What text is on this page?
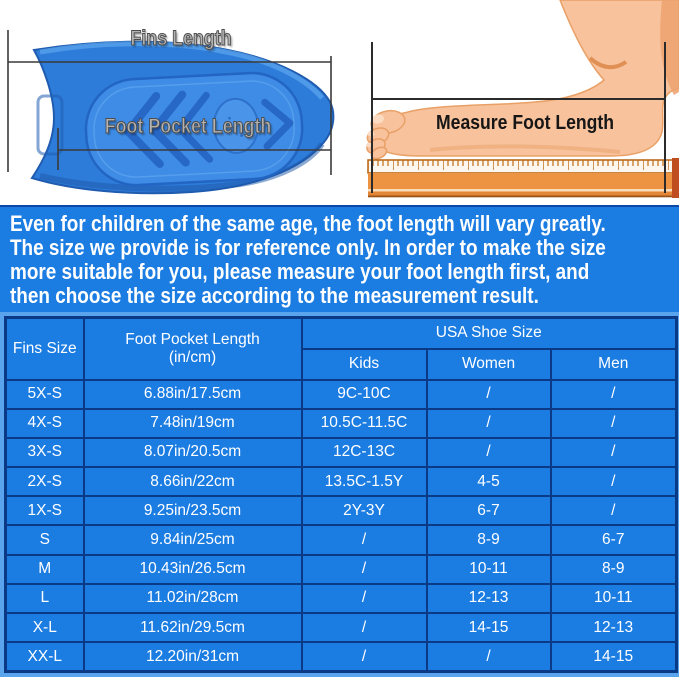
Fins Length
Foot Pocket Length	Measure Foot Length
Even for children of the same age, the foot length will vary greatly.
The size we provide is for reference only. In order to make the size
more suitable for you, please measure your foot length first, and
then choose the size according to the measurement result.
Fins Size	Foot Pocket Length
(in/cm)	USA Shoe Size		
		Kids	Women	Men
5X-S	6.88in/17.5cm	9C-10C	/	/
4X-S	7.48in/19cm	10.5C-11.5C	/	/
3X-S	8.07in/20.5cm	12C-13C	/	/
2X-S	8.66in/22cm	13.5C-1.5Y	4-5	/
1X-S	9.25in/23.5cm	2Y-3Y	6-7	/
S	9.84in/25cm	/	8-9	6-7
M	10.43in/26.5cm	/	10-11	8-9
L	11.02in/28cm	/	12-13	10-11
X-L	11.62in/29.5cm	/	14-15	12-13
XX-L	12.20in/31cm	/	/	14-15
